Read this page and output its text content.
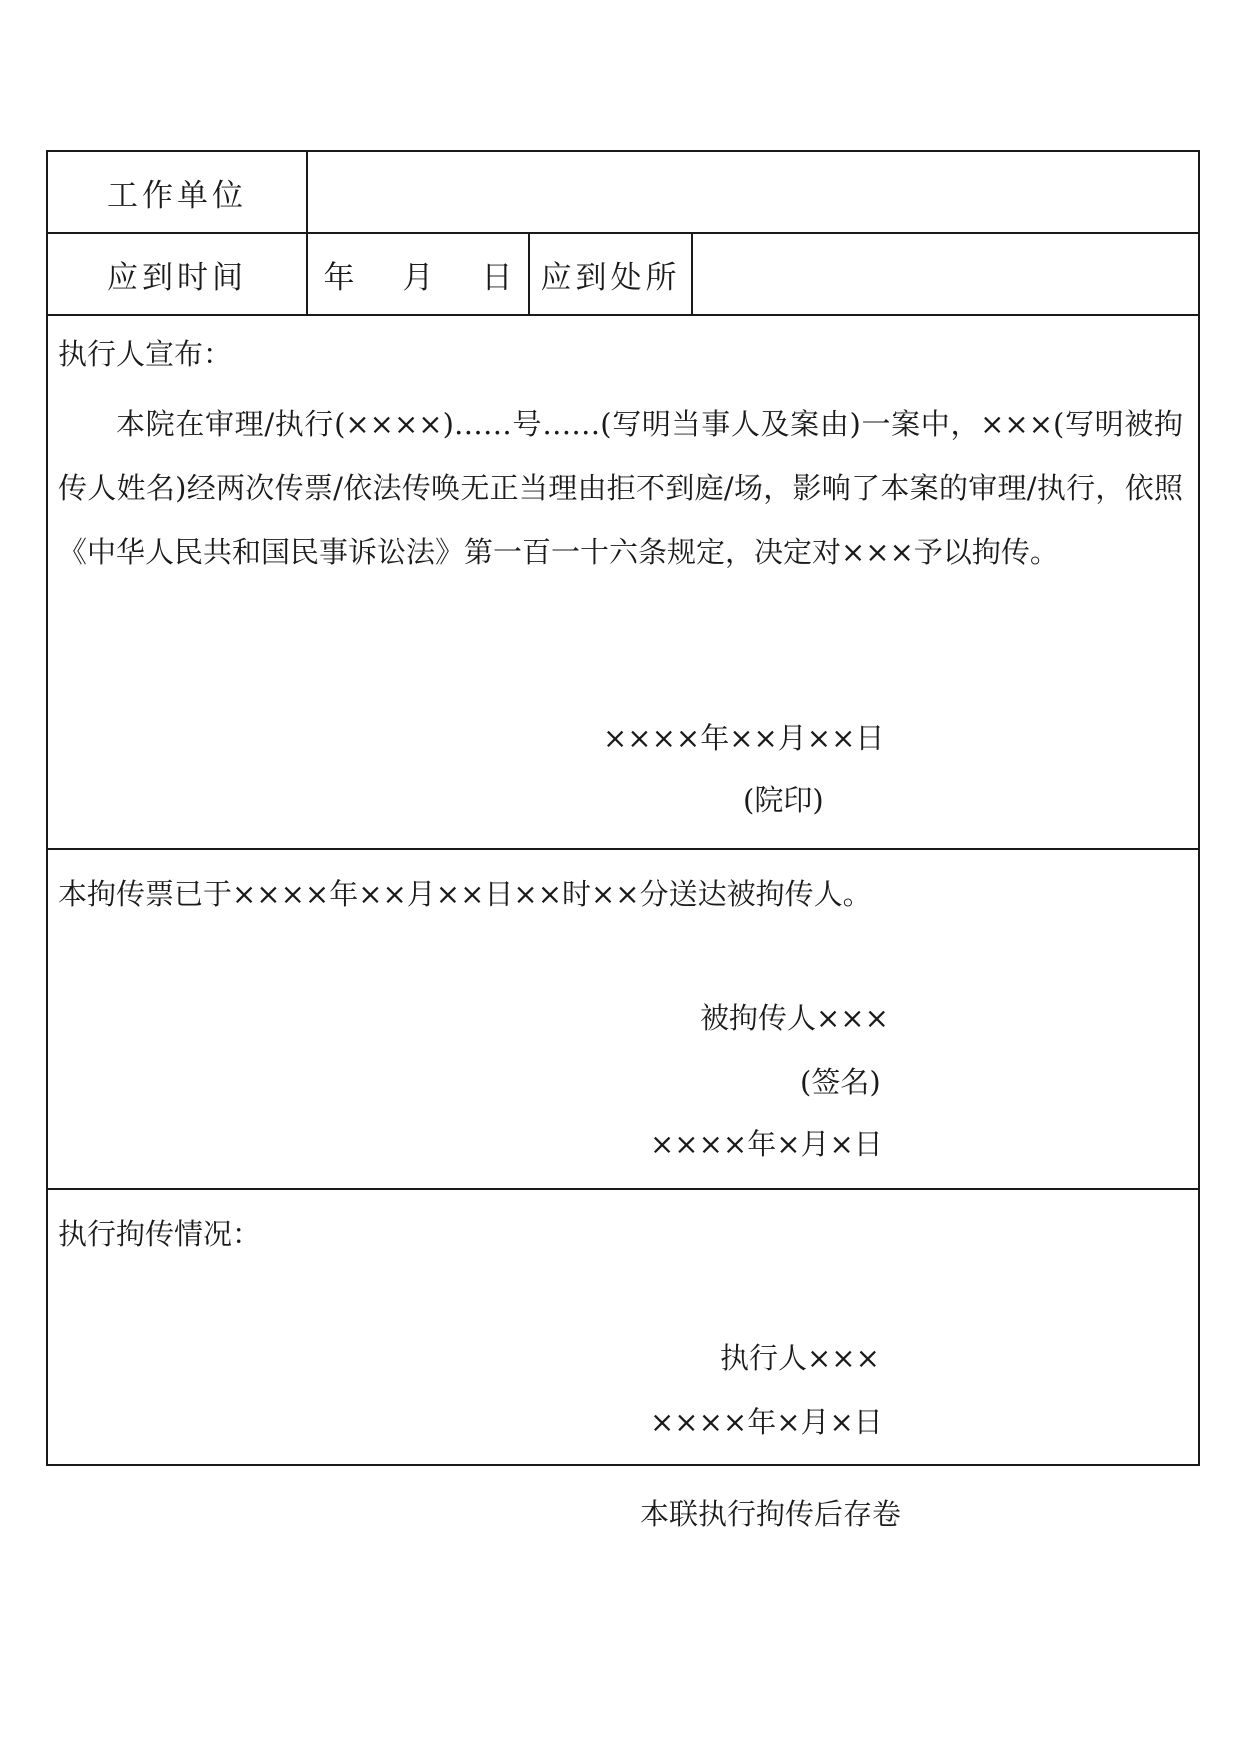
工作单位			
应到时间	年 月 日	应到处所	

执行人宣布：
本院在审理/执行(××××)……号……(写明当事人及案由)一案中，×××(写明被拘传人姓名)经两次传票/依法传唤无正当理由拒不到庭/场，影响了本案的审理/执行，依照《中华人民共和国民事诉讼法》第一百一十六条规定，决定对×××予以拘传。
××××年××月××日
(院印)			

本拘传票已于××××年××月××日××时××分送达被拘传人。
被拘传人×××
(签名)
××××年×月×日			

执行拘传情况：
执行人×××
××××年×月×日			
本联执行拘传后存卷
